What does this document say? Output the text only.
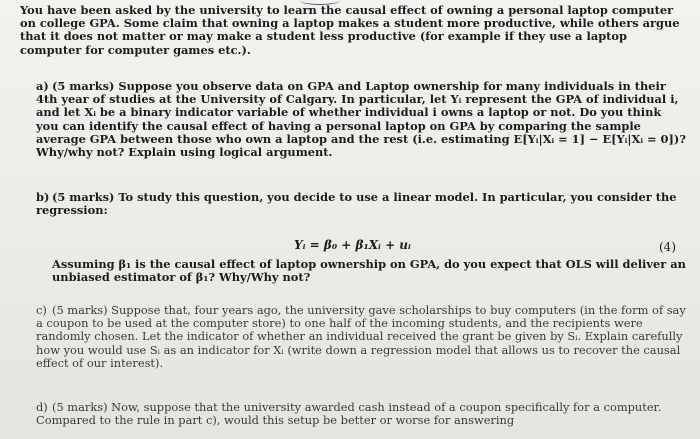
You have been asked by the university to learn the causal effect of owning a personal laptop computer on college GPA. Some claim that owning a laptop makes a student more productive, while others argue that it does not matter or may make a student less productive (for example if they use a laptop computer for computer games etc.).
a) (5 marks) Suppose you observe data on GPA and Laptop ownership for many individuals in their 4th year of studies at the University of Calgary. In particular, let Yᵢ represent the GPA of individual i, and let Xᵢ be a binary indicator variable of whether individual i owns a laptop or not. Do you think you can identify the causal effect of having a personal laptop on GPA by comparing the sample average GPA between those who own a laptop and the rest (i.e. estimating E[Yᵢ|Xᵢ = 1] − E[Yᵢ|Xᵢ = 0])? Why/why not? Explain using logical argument.
b) (5 marks) To study this question, you decide to use a linear model. In particular, you consider the regression:
Yᵢ = β₀ + β₁Xᵢ + uᵢ	(4)
Assuming β₁ is the causal effect of laptop ownership on GPA, do you expect that OLS will deliver an unbiased estimator of β₁? Why/Why not?
c) (5 marks) Suppose that, four years ago, the university gave scholarships to buy computers (in the form of say a coupon to be used at the computer store) to one half of the incoming students, and the recipients were randomly chosen. Let the indicator of whether an individual received the grant be given by Sᵢ. Explain carefully how you would use Sᵢ as an indicator for Xᵢ (write down a regression model that allows us to recover the causal effect of our interest).
d) (5 marks) Now, suppose that the university awarded cash instead of a coupon specifically for a computer. Compared to the rule in part c), would this setup be better or worse for answering
